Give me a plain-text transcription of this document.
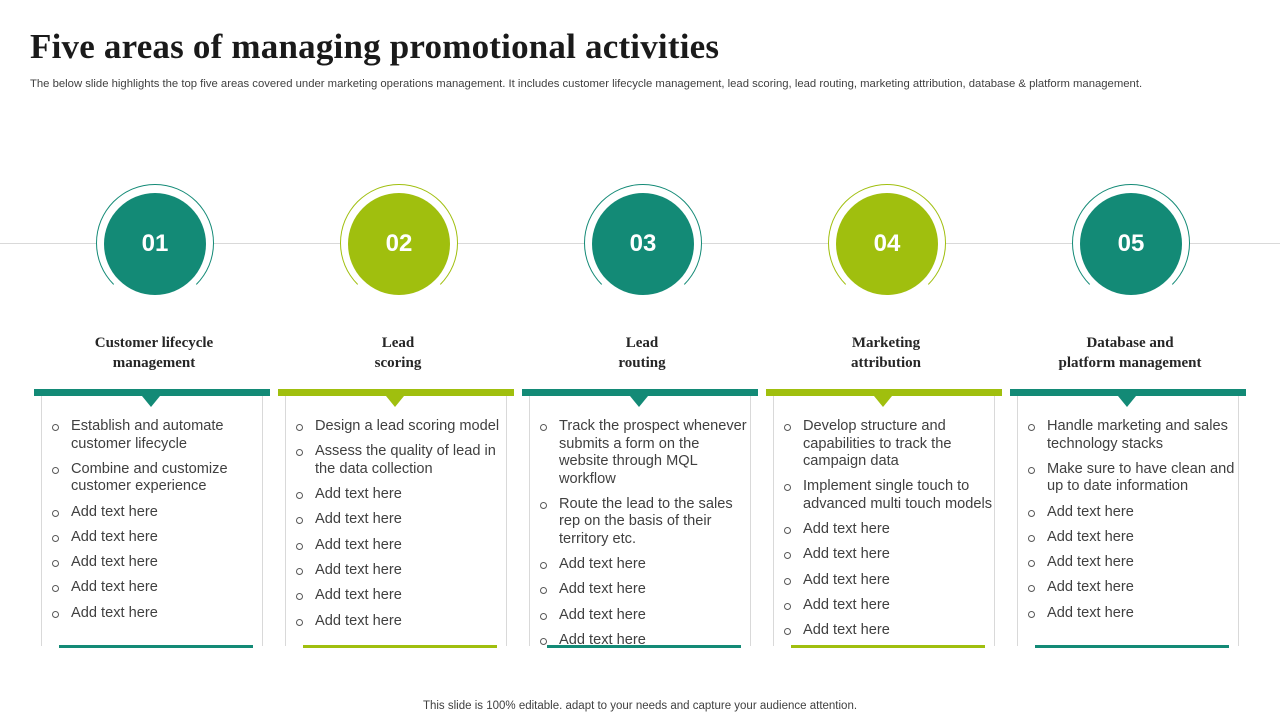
Five areas of managing promotional activities

The below slide highlights the top five areas covered under marketing operations management. It includes customer lifecycle management, lead scoring, lead routing, marketing attribution, database & platform management.

01
Customer lifecycle
management
Establish and automate customer lifecycle
Combine and customize customer experience
Add text here
Add text here
Add text here
Add text here
Add text here
02
Lead
scoring
Design a lead scoring model
Assess the quality of lead in the data collection
Add text here
Add text here
Add text here
Add text here
Add text here
Add text here
03
Lead
routing
Track the prospect whenever submits a form on the website through MQL workflow
Route the lead to the sales rep on the basis of their territory etc.
Add text here
Add text here
Add text here
Add text here
04
Marketing
attribution
Develop structure and capabilities to track the campaign data
Implement single touch to advanced multi touch models
Add text here
Add text here
Add text here
Add text here
Add text here
05
Database and
platform management
Handle marketing and sales technology stacks
Make sure to have clean and up to date information
Add text here
Add text here
Add text here
Add text here
Add text here

This slide is 100% editable. adapt to your needs and capture your audience attention.
